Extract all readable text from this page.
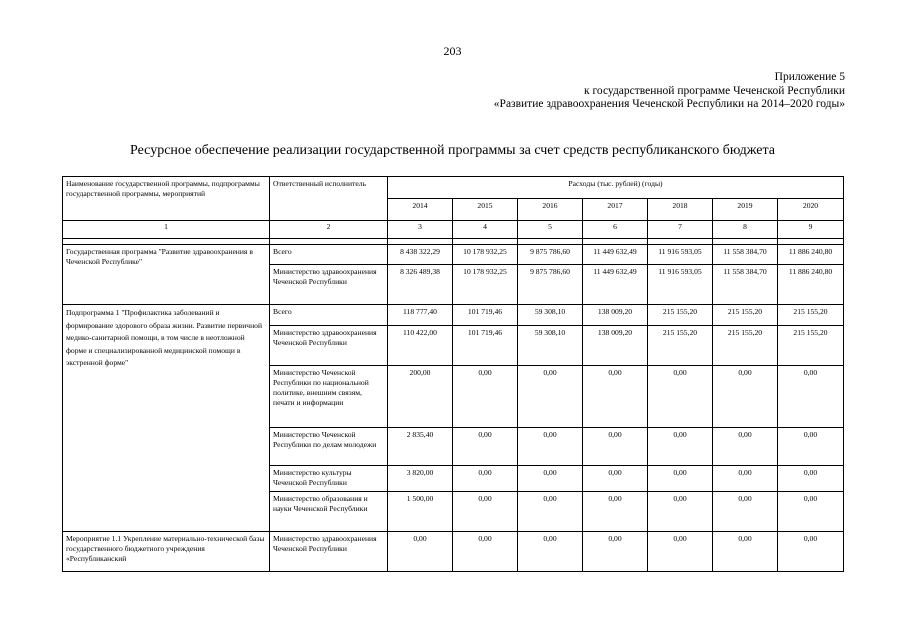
203
Приложение 5
к государственной программе Чеченской Республики
«Развитие здравоохранения Чеченской Республики на 2014–2020 годы»
Ресурсное обеспечение реализации государственной программы за счет средств республиканского бюджета
Наименование государственной программы, подпрограммы государственной программы, мероприятий	Ответственный исполнитель	Расходы (тыс. рублей) (годы)						
		2014	2015	2016	2017	2018	2019	2020
1	2	3	4	5	6	7	8	9

Государственная программа "Развитие здравоохранения в Чеченской Республике"	Всего	8 438 322,29	10 178 932,25	9 875 786,60	11 449 632,49	11 916 593,05	11 558 384,70	11 886 240,80
	Министерство здравоохранения Чеченской Республики	8 326 489,38	10 178 932,25	9 875 786,60	11 449 632,49	11 916 593,05	11 558 384,70	11 886 240,80
Подпрограмма 1 "Профилактика заболеваний и формирование здорового образа жизни. Развитие первичной медико-санитарной помощи, в том числе в неотложной форме и специализированной медицинской помощи в экстренной форме"	Всего	118 777,40	101 719,46	59 308,10	138 009,20	215 155,20	215 155,20	215 155,20
	Министерство здравоохранения Чеченской Республики	110 422,00	101 719,46	59 308,10	138 009,20	215 155,20	215 155,20	215 155,20
	Министерство Чеченской Республики по национальной политике, внешним связям, печати и информации	200,00	0,00	0,00	0,00	0,00	0,00	0,00
	Министерство Чеченской Республики по делам молодежи	2 835,40	0,00	0,00	0,00	0,00	0,00	0,00
	Министерство культуры Чеченской Республики	3 820,00	0,00	0,00	0,00	0,00	0,00	0,00
	Министерство образования и науки Чеченской Республики	1 500,00	0,00	0,00	0,00	0,00	0,00	0,00
Мероприятие 1.1 Укрепление материально-технической базы государственного бюджетного учреждения «Республиканский	Министерство здравоохранения Чеченской Республики	0,00	0,00	0,00	0,00	0,00	0,00	0,00
